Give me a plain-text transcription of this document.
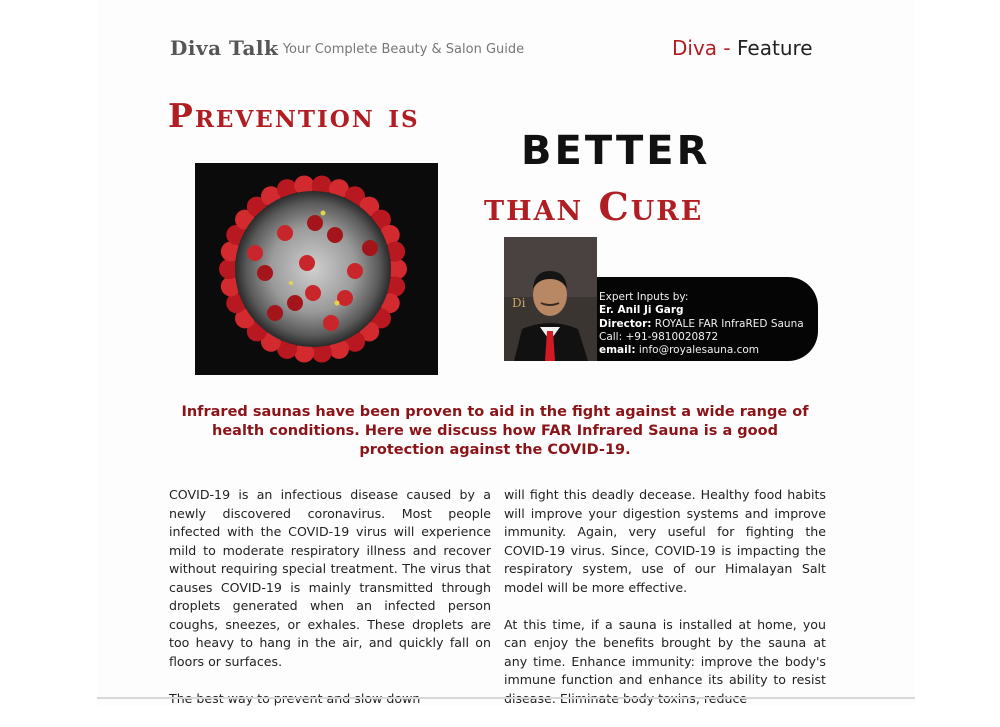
Diva Talk
- Your Complete Beauty & Salon Guide	Diva - Feature
Prevention is
BETTER
than Cure
Di	Expert Inputs by:
Er. Anil Ji Garg
Director: ROYALE FAR InfraRED Sauna
Call: +91-9810020872
email: info@royalesauna.com
Infrared saunas have been proven to aid in the fight against a wide range of health conditions. Here we discuss how FAR Infrared Sauna is a good protection against the COVID-19.

COVID-19 is an infectious disease caused by a newly discovered coronavirus. Most people infected with the COVID-19 virus will experience mild to moderate respiratory illness and recover without requiring special treatment. The virus that causes COVID-19 is mainly transmitted through droplets generated when an infected person coughs, sneezes, or exhales. These droplets are too heavy to hang in the air, and quickly fall on floors or surfaces.

will fight this deadly decease. Healthy food habits will improve your digestion systems and improve immunity. Again, very useful for fighting the COVID-19 virus. Since, COVID-19 is impacting the respiratory system, use of our Himalayan Salt model will be more effective.

At this time, if a sauna is installed at home, you can enjoy the benefits brought by the sauna at any time. Enhance immunity: improve the body's immune function and enhance its ability to resist
